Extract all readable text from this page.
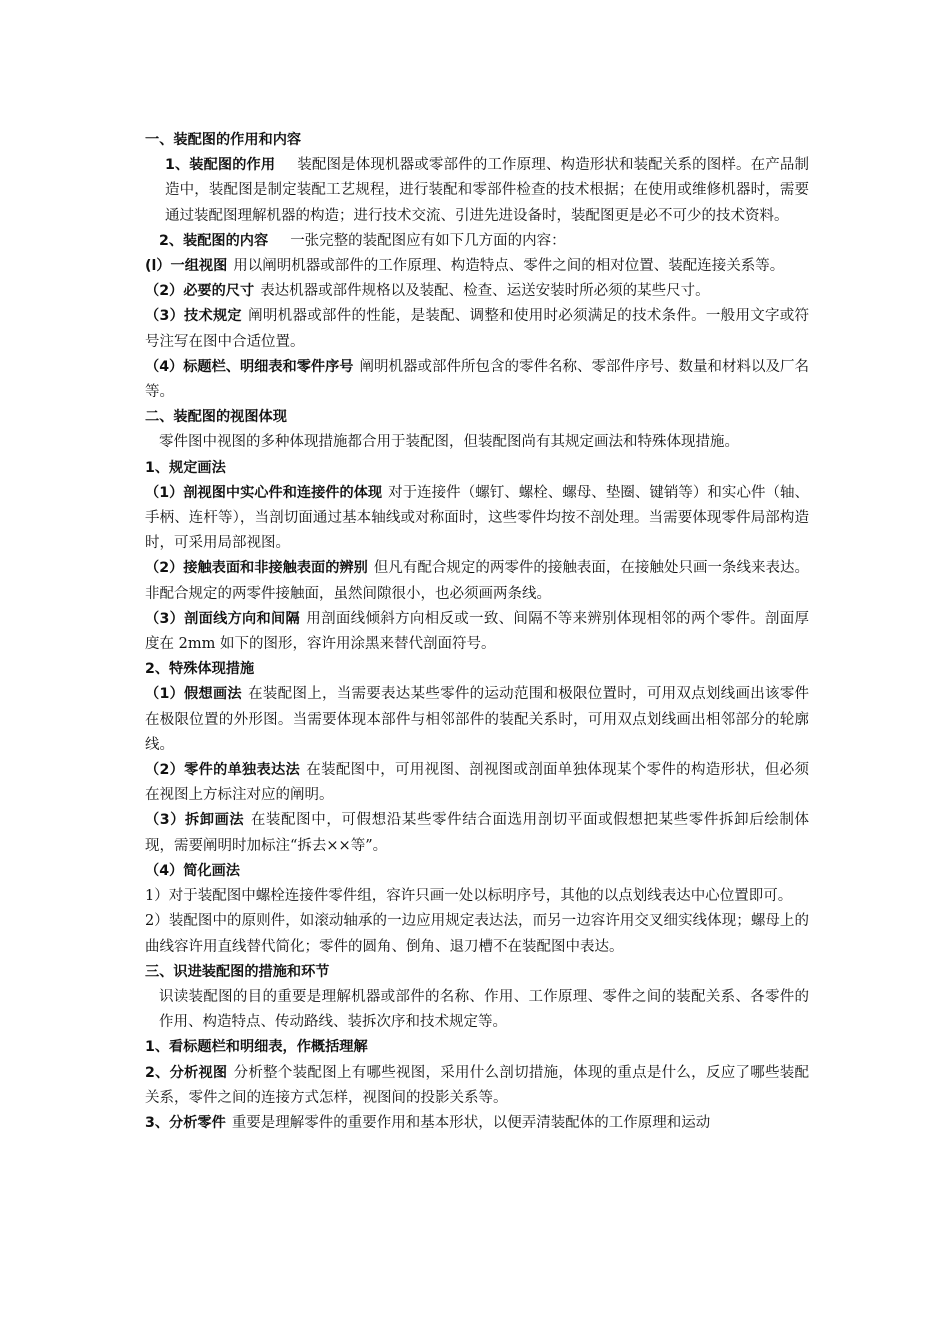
一、装配图的作用和内容

1、装配图的作用 装配图是体现机器或零部件的工作原理、构造形状和装配关系的图样。在产品制造中，装配图是制定装配工艺规程，进行装配和零部件检查的技术根据；在使用或维修机器时，需要通过装配图理解机器的构造；进行技术交流、引进先进设备时，装配图更是必不可少的技术资料。

2、装配图的内容 一张完整的装配图应有如下几方面的内容：

(l）一组视图 用以阐明机器或部件的工作原理、构造特点、零件之间的相对位置、装配连接关系等。

（2）必要的尺寸 表达机器或部件规格以及装配、检查、运送安装时所必须的某些尺寸。

（3）技术规定 阐明机器或部件的性能，是装配、调整和使用时必须满足的技术条件。一般用文字或符号注写在图中合适位置。

（4）标题栏、明细表和零件序号 阐明机器或部件所包含的零件名称、零部件序号、数量和材料以及厂名等。

二、装配图的视图体现

零件图中视图的多种体现措施都合用于装配图，但装配图尚有其规定画法和特殊体现措施。

1、规定画法

（1）剖视图中实心件和连接件的体现 对于连接件（螺钉、螺栓、螺母、垫圈、键销等）和实心件（轴、手柄、连杆等），当剖切面通过基本轴线或对称面时，这些零件均按不剖处理。当需要体现零件局部构造时，可采用局部视图。

（2）接触表面和非接触表面的辨别 但凡有配合规定的两零件的接触表面，在接触处只画一条线来表达。非配合规定的两零件接触面，虽然间隙很小，也必须画两条线。

（3）剖面线方向和间隔 用剖面线倾斜方向相反或一致、间隔不等来辨别体现相邻的两个零件。剖面厚度在 2mm 如下的图形，容许用涂黑来替代剖面符号。

2、特殊体现措施

（1）假想画法 在装配图上，当需要表达某些零件的运动范围和极限位置时，可用双点划线画出该零件在极限位置的外形图。当需要体现本部件与相邻部件的装配关系时，可用双点划线画出相邻部分的轮廓线。

（2）零件的单独表达法 在装配图中，可用视图、剖视图或剖面单独体现某个零件的构造形状，但必须在视图上方标注对应的阐明。

（3）拆卸画法 在装配图中，可假想沿某些零件结合面选用剖切平面或假想把某些零件拆卸后绘制体现，需要阐明时加标注“拆去××等”。

（4）简化画法

1）对于装配图中螺栓连接件零件组，容许只画一处以标明序号，其他的以点划线表达中心位置即可。

2）装配图中的原则件，如滚动轴承的一边应用规定表达法，而另一边容许用交叉细实线体现；螺母上的曲线容许用直线替代简化；零件的圆角、倒角、退刀槽不在装配图中表达。

三、识进装配图的措施和环节

识读装配图的目的重要是理解机器或部件的名称、作用、工作原理、零件之间的装配关系、各零件的作用、构造特点、传动路线、装拆次序和技术规定等。

1、看标题栏和明细表，作概括理解

2、分析视图 分析整个装配图上有哪些视图，采用什么剖切措施，体现的重点是什么，反应了哪些装配关系，零件之间的连接方式怎样，视图间的投影关系等。

3、分析零件 重要是理解零件的重要作用和基本形状，以便弄清装配体的工作原理和运动
